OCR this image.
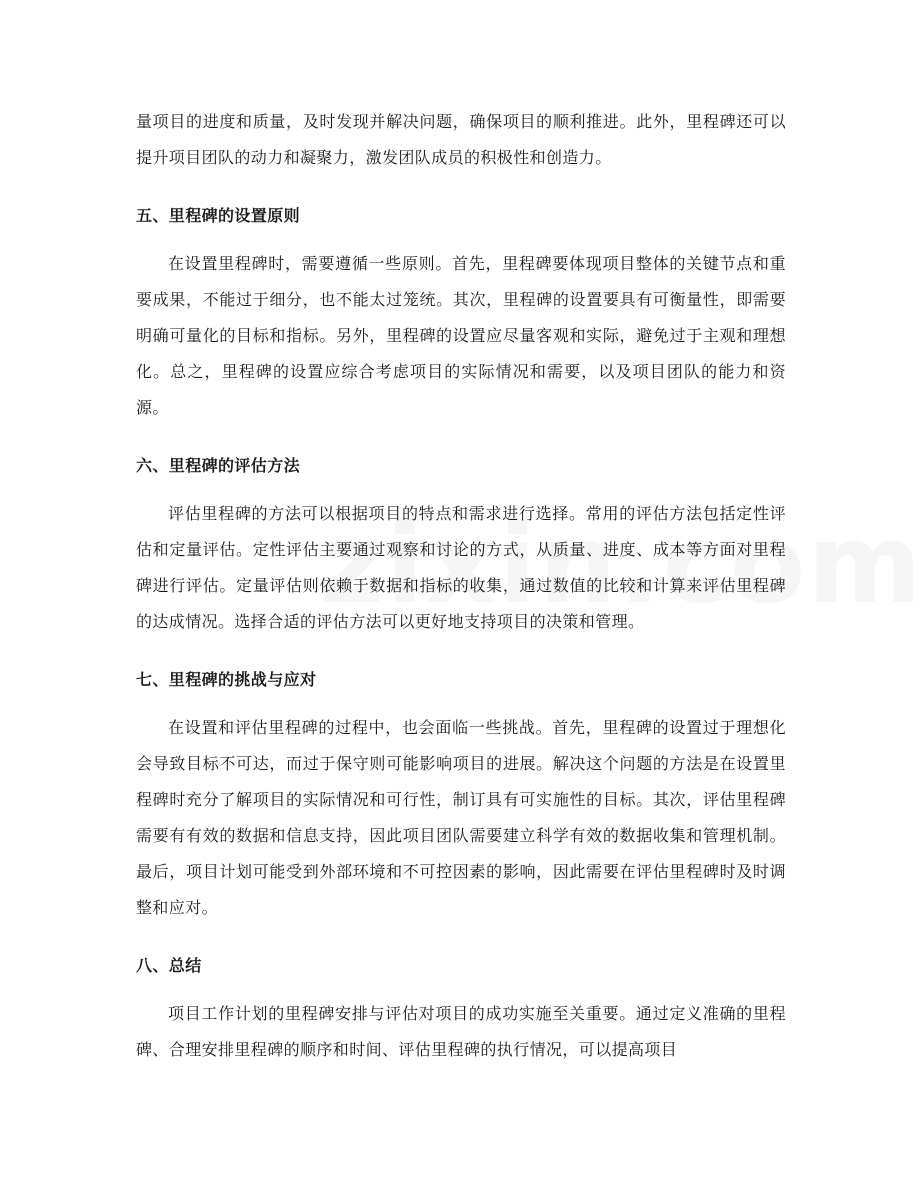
量项目的进度和质量，及时发现并解决问题，确保项目的顺利推进。此外，里程碑还可以提升项目团队的动力和凝聚力，激发团队成员的积极性和创造力。

五、里程碑的设置原则

在设置里程碑时，需要遵循一些原则。首先，里程碑要体现项目整体的关键节点和重要成果，不能过于细分，也不能太过笼统。其次，里程碑的设置要具有可衡量性，即需要明确可量化的目标和指标。另外，里程碑的设置应尽量客观和实际，避免过于主观和理想化。总之，里程碑的设置应综合考虑项目的实际情况和需要，以及项目团队的能力和资源。

六、里程碑的评估方法

评估里程碑的方法可以根据项目的特点和需求进行选择。常用的评估方法包括定性评估和定量评估。定性评估主要通过观察和讨论的方式，从质量、进度、成本等方面对里程碑进行评估。定量评估则依赖于数据和指标的收集，通过数值的比较和计算来评估里程碑的达成情况。选择合适的评估方法可以更好地支持项目的决策和管理。

七、里程碑的挑战与应对

在设置和评估里程碑的过程中，也会面临一些挑战。首先，里程碑的设置过于理想化会导致目标不可达，而过于保守则可能影响项目的进展。解决这个问题的方法是在设置里程碑时充分了解项目的实际情况和可行性，制订具有可实施性的目标。其次，评估里程碑需要有有效的数据和信息支持，因此项目团队需要建立科学有效的数据收集和管理机制。最后，项目计划可能受到外部环境和不可控因素的影响，因此需要在评估里程碑时及时调整和应对。

八、总结

项目工作计划的里程碑安排与评估对项目的成功实施至关重要。通过定义准确的里程碑、合理安排里程碑的顺序和时间、评估里程碑的执行情况，可以提高项目
